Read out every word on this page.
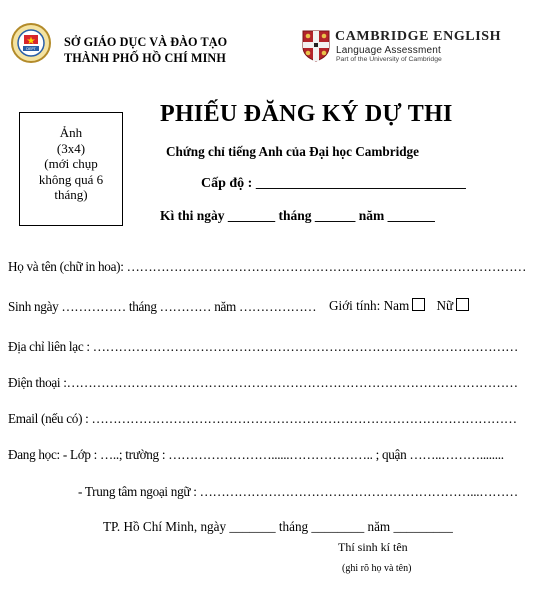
DEPT SỞ GIÁO DỤC VÀ ĐÀO TẠO
THÀNH PHỐ HỒ CHÍ MINH
CAMBRIDGE ENGLISH
Language Assessment
Part of the University of Cambridge
Ảnh
(3x4)
(mới chụp
không quá 6
tháng)
PHIẾU ĐĂNG KÝ DỰ THI
Chứng chỉ tiếng Anh của Đại học Cambridge
Cấp độ : ______________________________
Kì thi ngày _______ tháng ______ năm _______
Họ và tên (chữ in hoa): …………………………………………………………………………………
Sinh ngày …………… tháng ………… năm ……………… Giới tính: Nam Nữ
Địa chỉ liên lạc : ………………………………………………………………………………………
Điện thoại :……………………………………………………………………………………………
Email (nếu có) : ………………………………………………………………………………………
Đang học: - Lớp : …..; trường : ……………………......……………….. ; quận ……..………........
- Trung tâm ngoại ngữ : ………………………………………………………...………
TP. Hồ Chí Minh, ngày _______ tháng ________ năm _________
Thí sinh kí tên
(ghi rõ họ và tên)
